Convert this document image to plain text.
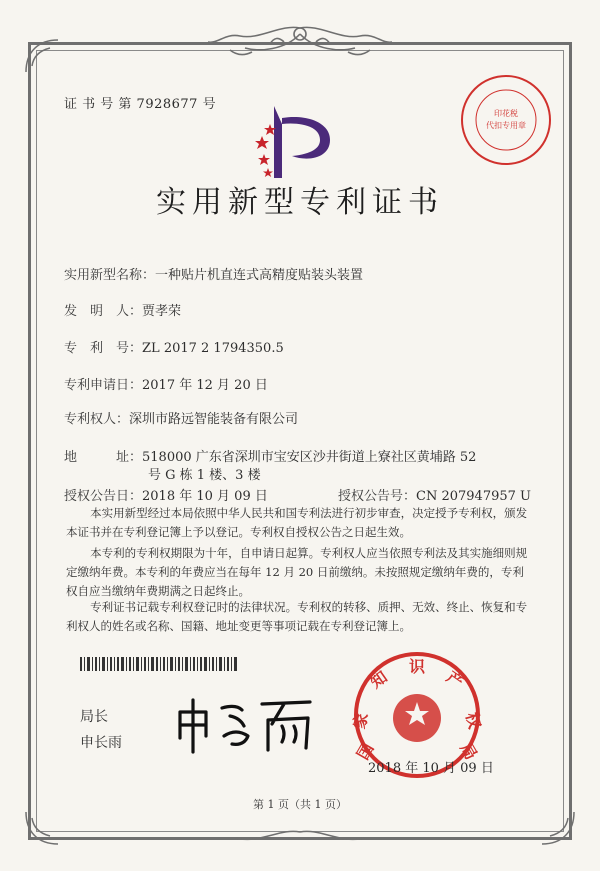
证 书 号 第 7928677 号
印花税
代扣专用章
实用新型专利证书
实用新型名称：一种贴片机直连式高精度贴装头装置
发　明　人：贾孝荣
专　利　号：ZL 2017 2 1794350.5
专利申请日：2017 年 12 月 20 日
专利权人：深圳市路远智能装备有限公司
地　　　址：518000 广东省深圳市宝安区沙井街道上寮社区黄埔路 52
号 G 栋 1 楼、3 楼
授权公告日：2018 年 10 月 09 日	授权公告号：CN 207947957 U

本实用新型经过本局依照中华人民共和国专利法进行初步审查，决定授予专利权，颁发本证书并在专利登记簿上予以登记。专利权自授权公告之日起生效。

本专利的专利权期限为十年，自申请日起算。专利权人应当依照专利法及其实施细则规定缴纳年费。本专利的年费应当在每年 12 月 20 日前缴纳。未按照规定缴纳年费的，专利权自应当缴纳年费期满之日起终止。

专利证书记载专利权登记时的法律状况。专利权的转移、质押、无效、终止、恢复和专利权人的姓名或名称、国籍、地址变更等事项记载在专利登记簿上。

局长
申长雨	国
家
知
识
产
权
局
2018 年 10 月 09 日
第 1 页（共 1 页）
